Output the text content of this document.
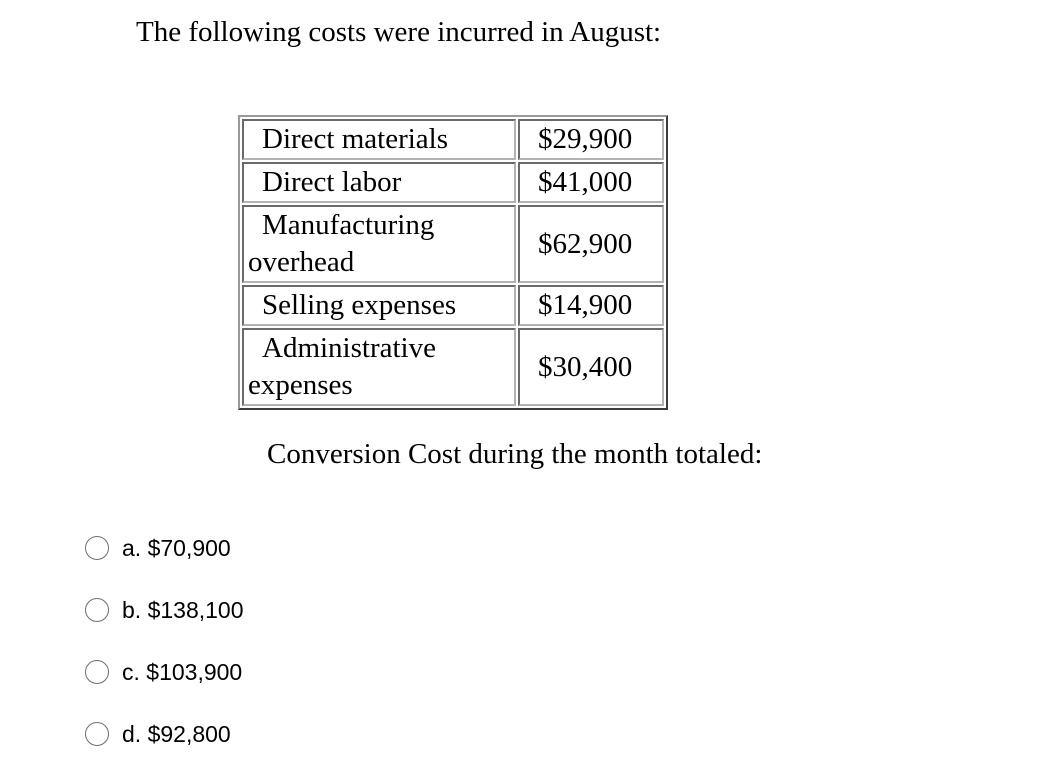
The following costs were incurred in August:
Direct materials	$29,900
Direct labor	$41,000
Manufacturing overhead	$62,900
Selling expenses	$14,900
Administrative expenses	$30,400
Conversion Cost during the month totaled:
a. $70,900
b. $138,100
c. $103,900
d. $92,800
